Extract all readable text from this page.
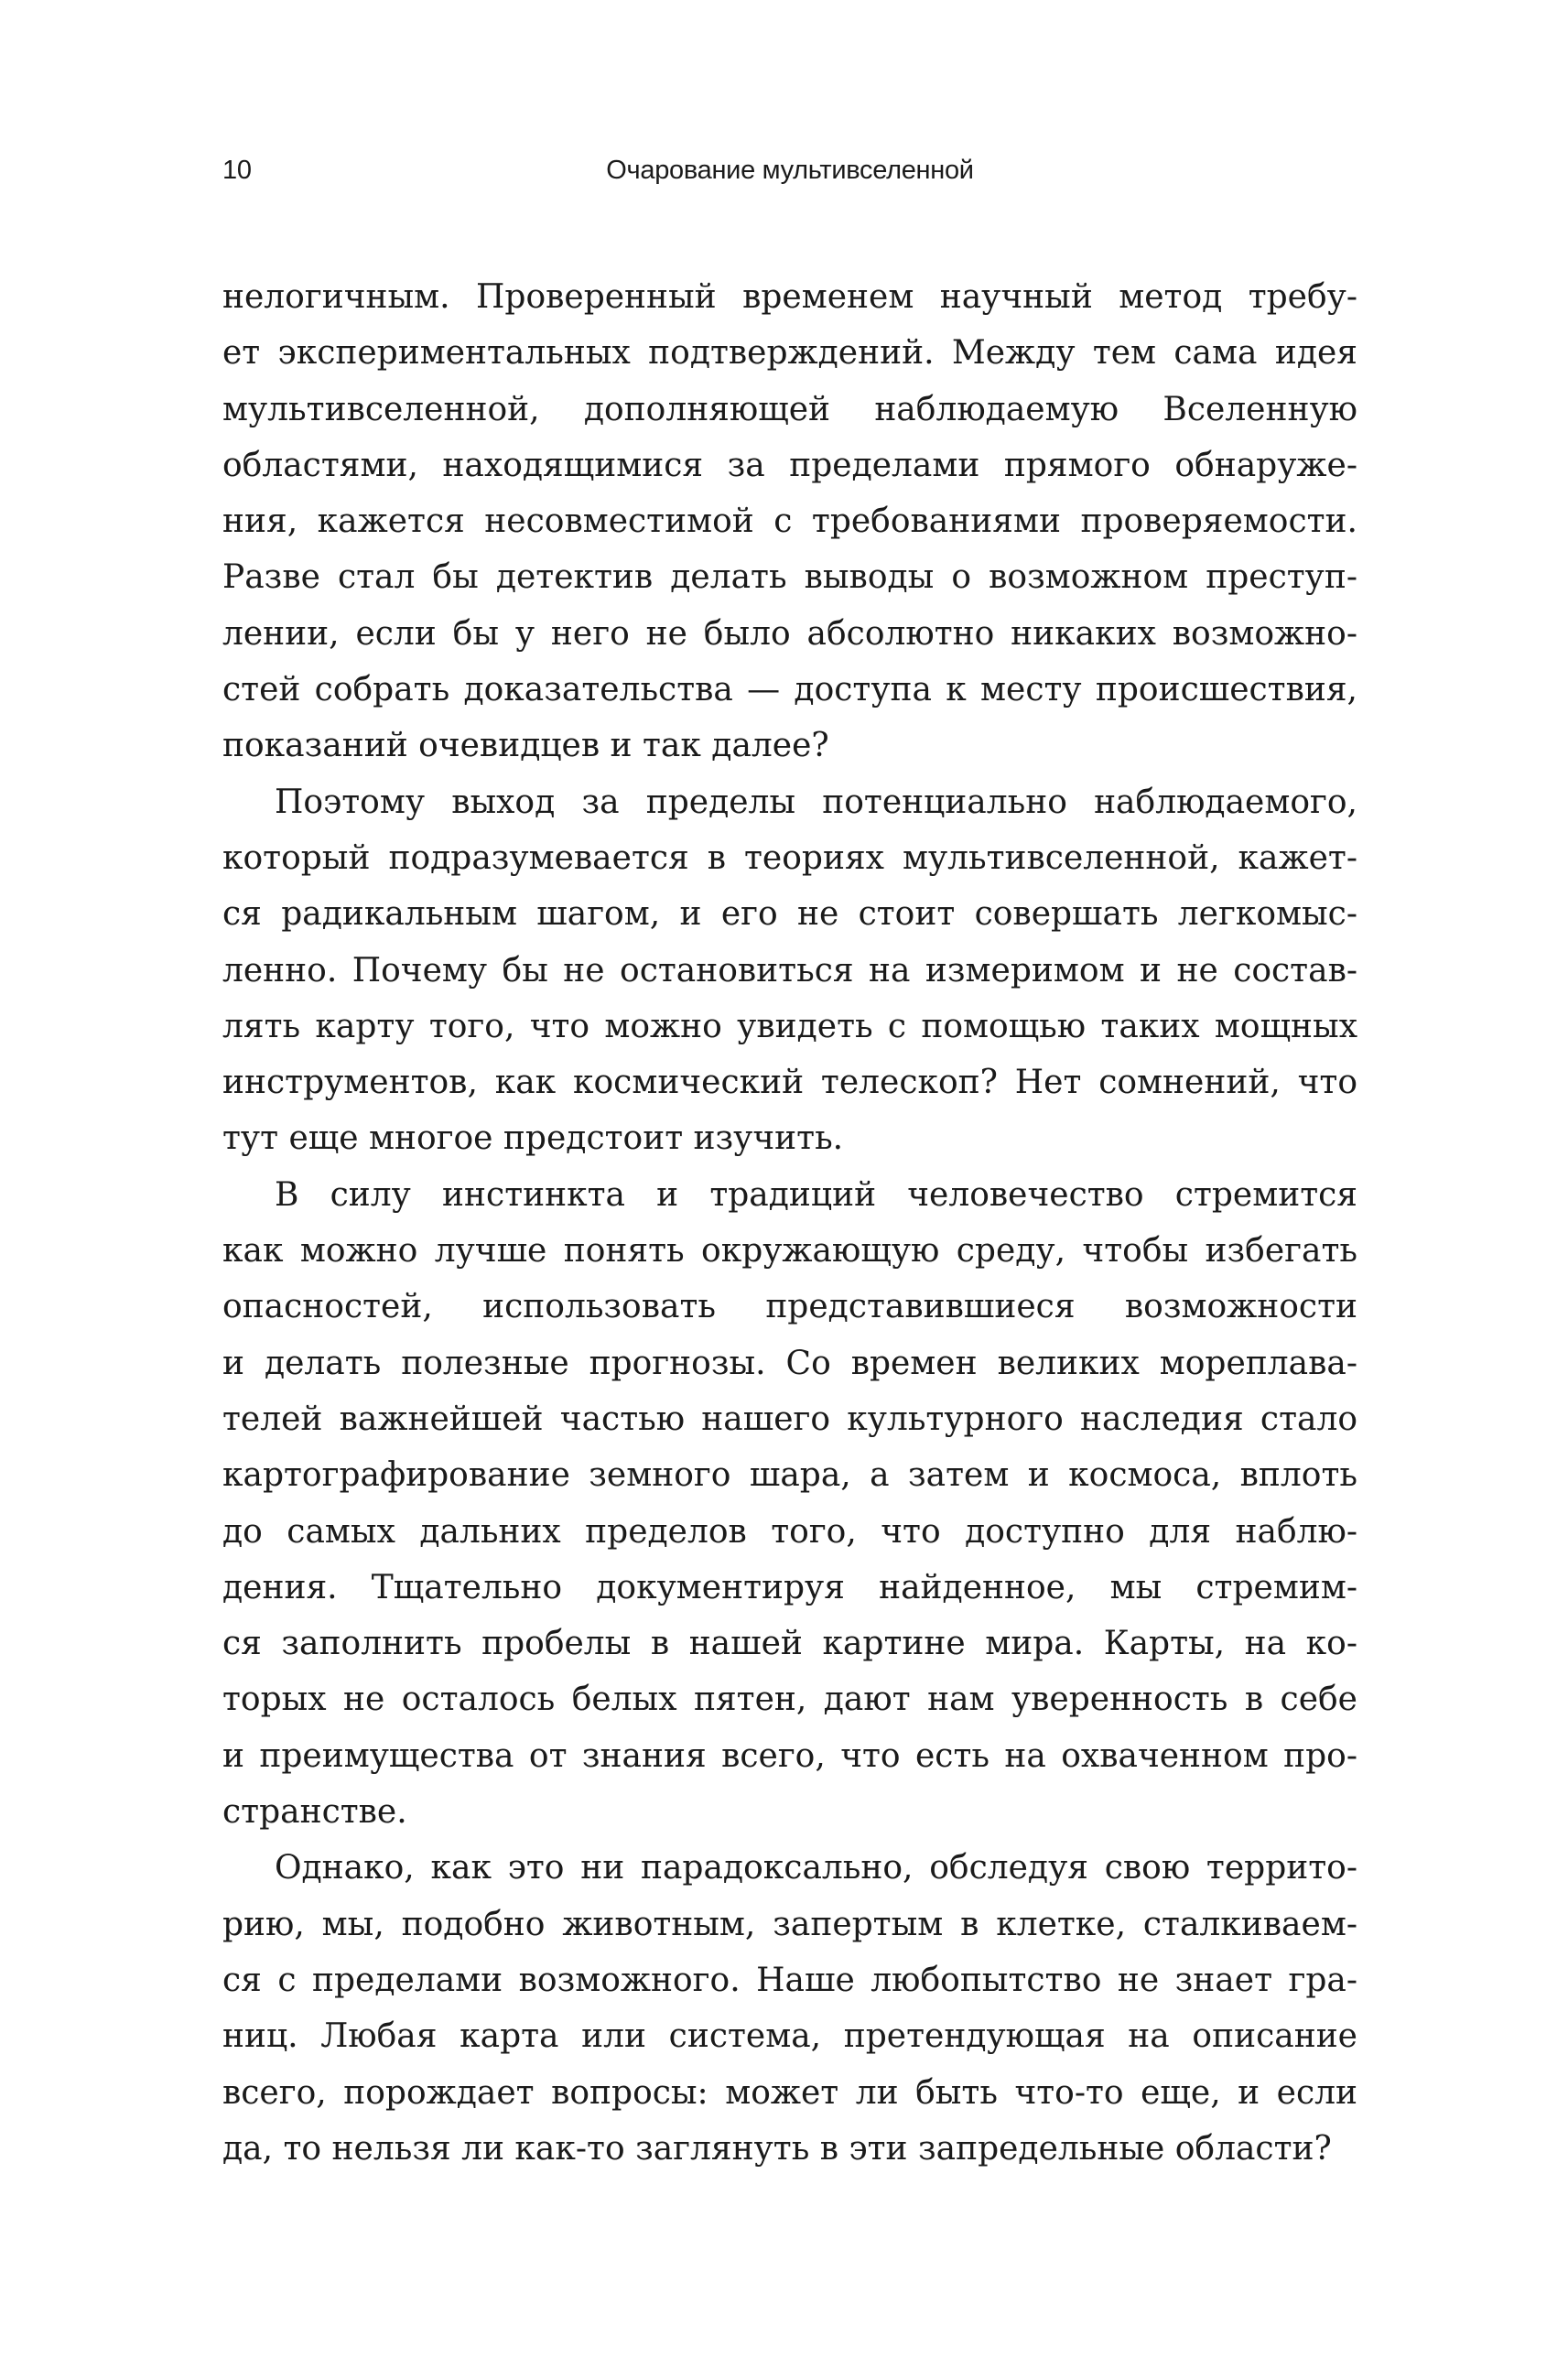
10	Очарование мультивселенной
нелогичным. Проверенный временем научный метод требу-
ет экспериментальных подтверждений. Между тем сама идея
мультивселенной, дополняющей наблюдаемую Вселенную
областями, находящимися за пределами прямого обнаруже-
ния, кажется несовместимой с требованиями проверяемости.
Разве стал бы детектив делать выводы о возможном преступ-
лении, если бы у него не было абсолютно никаких возможно-
стей собрать доказательства — доступа к месту происшествия,
показаний очевидцев и так далее?
Поэтому выход за пределы потенциально наблюдаемого,
который подразумевается в теориях мультивселенной, кажет-
ся радикальным шагом, и его не стоит совершать легкомыс-
ленно. Почему бы не остановиться на измеримом и не состав-
лять карту того, что можно увидеть с помощью таких мощных
инструментов, как космический телескоп? Нет сомнений, что
тут еще многое предстоит изучить.
В силу инстинкта и традиций человечество стремится
как можно лучше понять окружающую среду, чтобы избегать
опасностей, использовать представившиеся возможности
и делать полезные прогнозы. Со времен великих мореплава-
телей важнейшей частью нашего культурного наследия стало
картографирование земного шара, а затем и космоса, вплоть
до самых дальних пределов того, что доступно для наблю-
дения. Тщательно документируя найденное, мы стремим-
ся заполнить пробелы в нашей картине мира. Карты, на ко-
торых не осталось белых пятен, дают нам уверенность в себе
и преимущества от знания всего, что есть на охваченном про-
странстве.
Однако, как это ни парадоксально, обследуя свою террито-
рию, мы, подобно животным, запертым в клетке, сталкиваем-
ся с пределами возможного. Наше любопытство не знает гра-
ниц. Любая карта или система, претендующая на описание
всего, порождает вопросы: может ли быть что-то еще, и если
да, то нельзя ли как-то заглянуть в эти запредельные области?
